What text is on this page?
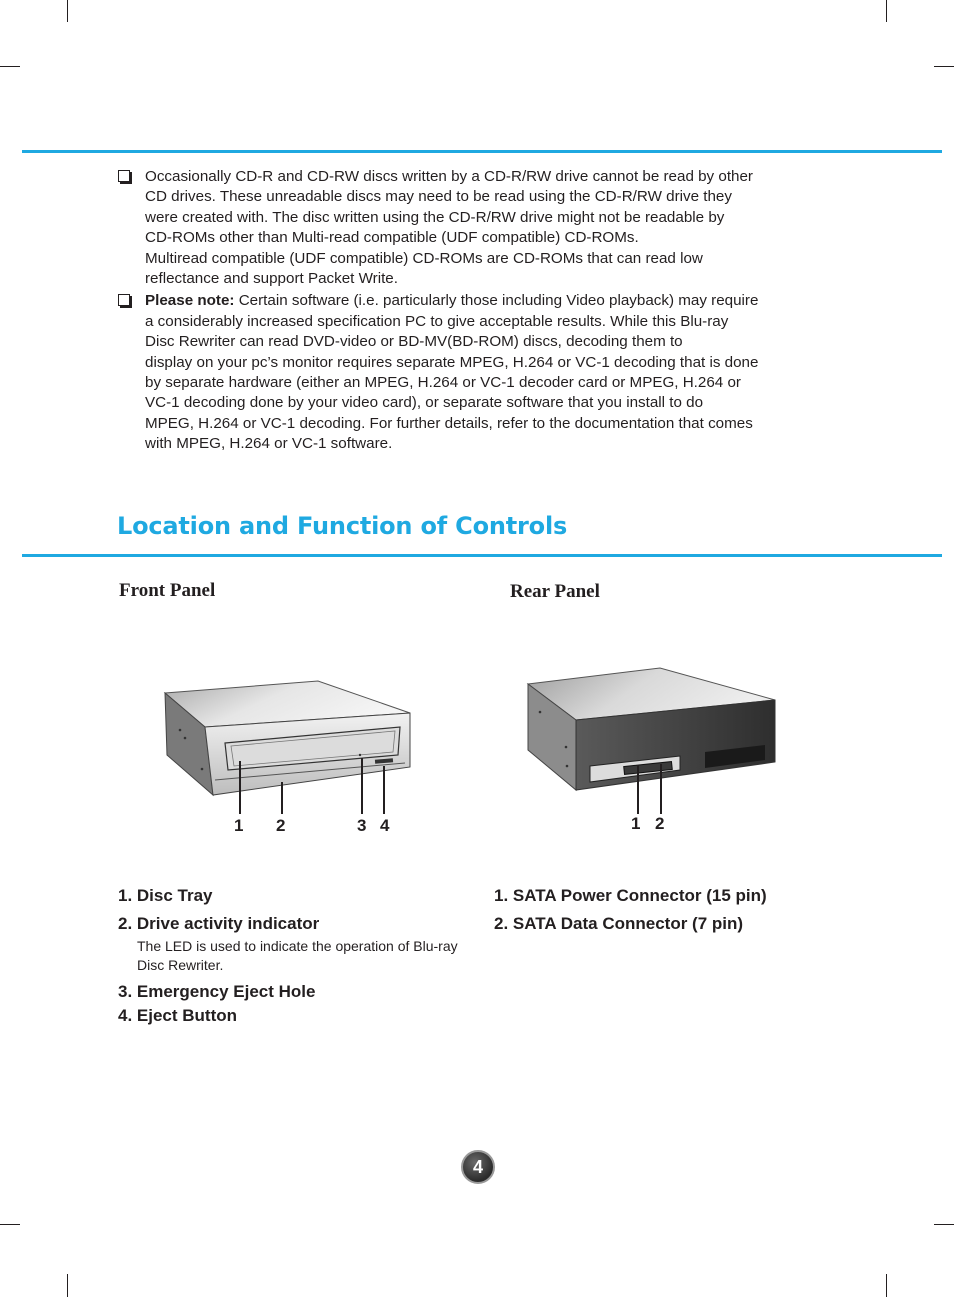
Occasionally CD-R and CD-RW discs written by a CD-R/RW drive cannot be read by other
CD drives. These unreadable discs may need to be read using the CD-R/RW drive they
were created with. The disc written using the CD-R/RW drive might not be readable by
CD-ROMs other than Multi-read compatible (UDF compatible) CD-ROMs.
Multiread compatible (UDF compatible) CD-ROMs are CD-ROMs that can read low
reflectance and support Packet Write.
Please note: Certain software (i.e. particularly those including Video playback) may require
a considerably increased specification PC to give acceptable results. While this Blu-ray
Disc Rewriter can read DVD-video or BD-MV(BD-ROM) discs, decoding them to
display on your pc’s monitor requires separate MPEG, H.264 or VC-1 decoding that is done
by separate hardware (either an MPEG, H.264 or VC-1 decoder card or MPEG, H.264 or
VC-1 decoding done by your video card), or separate software that you install to do
MPEG, H.264 or VC-1 decoding. For further details, refer to the documentation that comes
with MPEG, H.264 or VC-1 software.
Location and Function of Controls
Front Panel	Rear Panel
1 2	3 4	1 2
1. Disc Tray
2. Drive activity indicator
The LED is used to indicate the operation of Blu-ray Disc Rewriter.
3. Emergency Eject Hole
4. Eject Button
1. SATA Power Connector (15 pin)
2. SATA Data Connector (7 pin)
4
